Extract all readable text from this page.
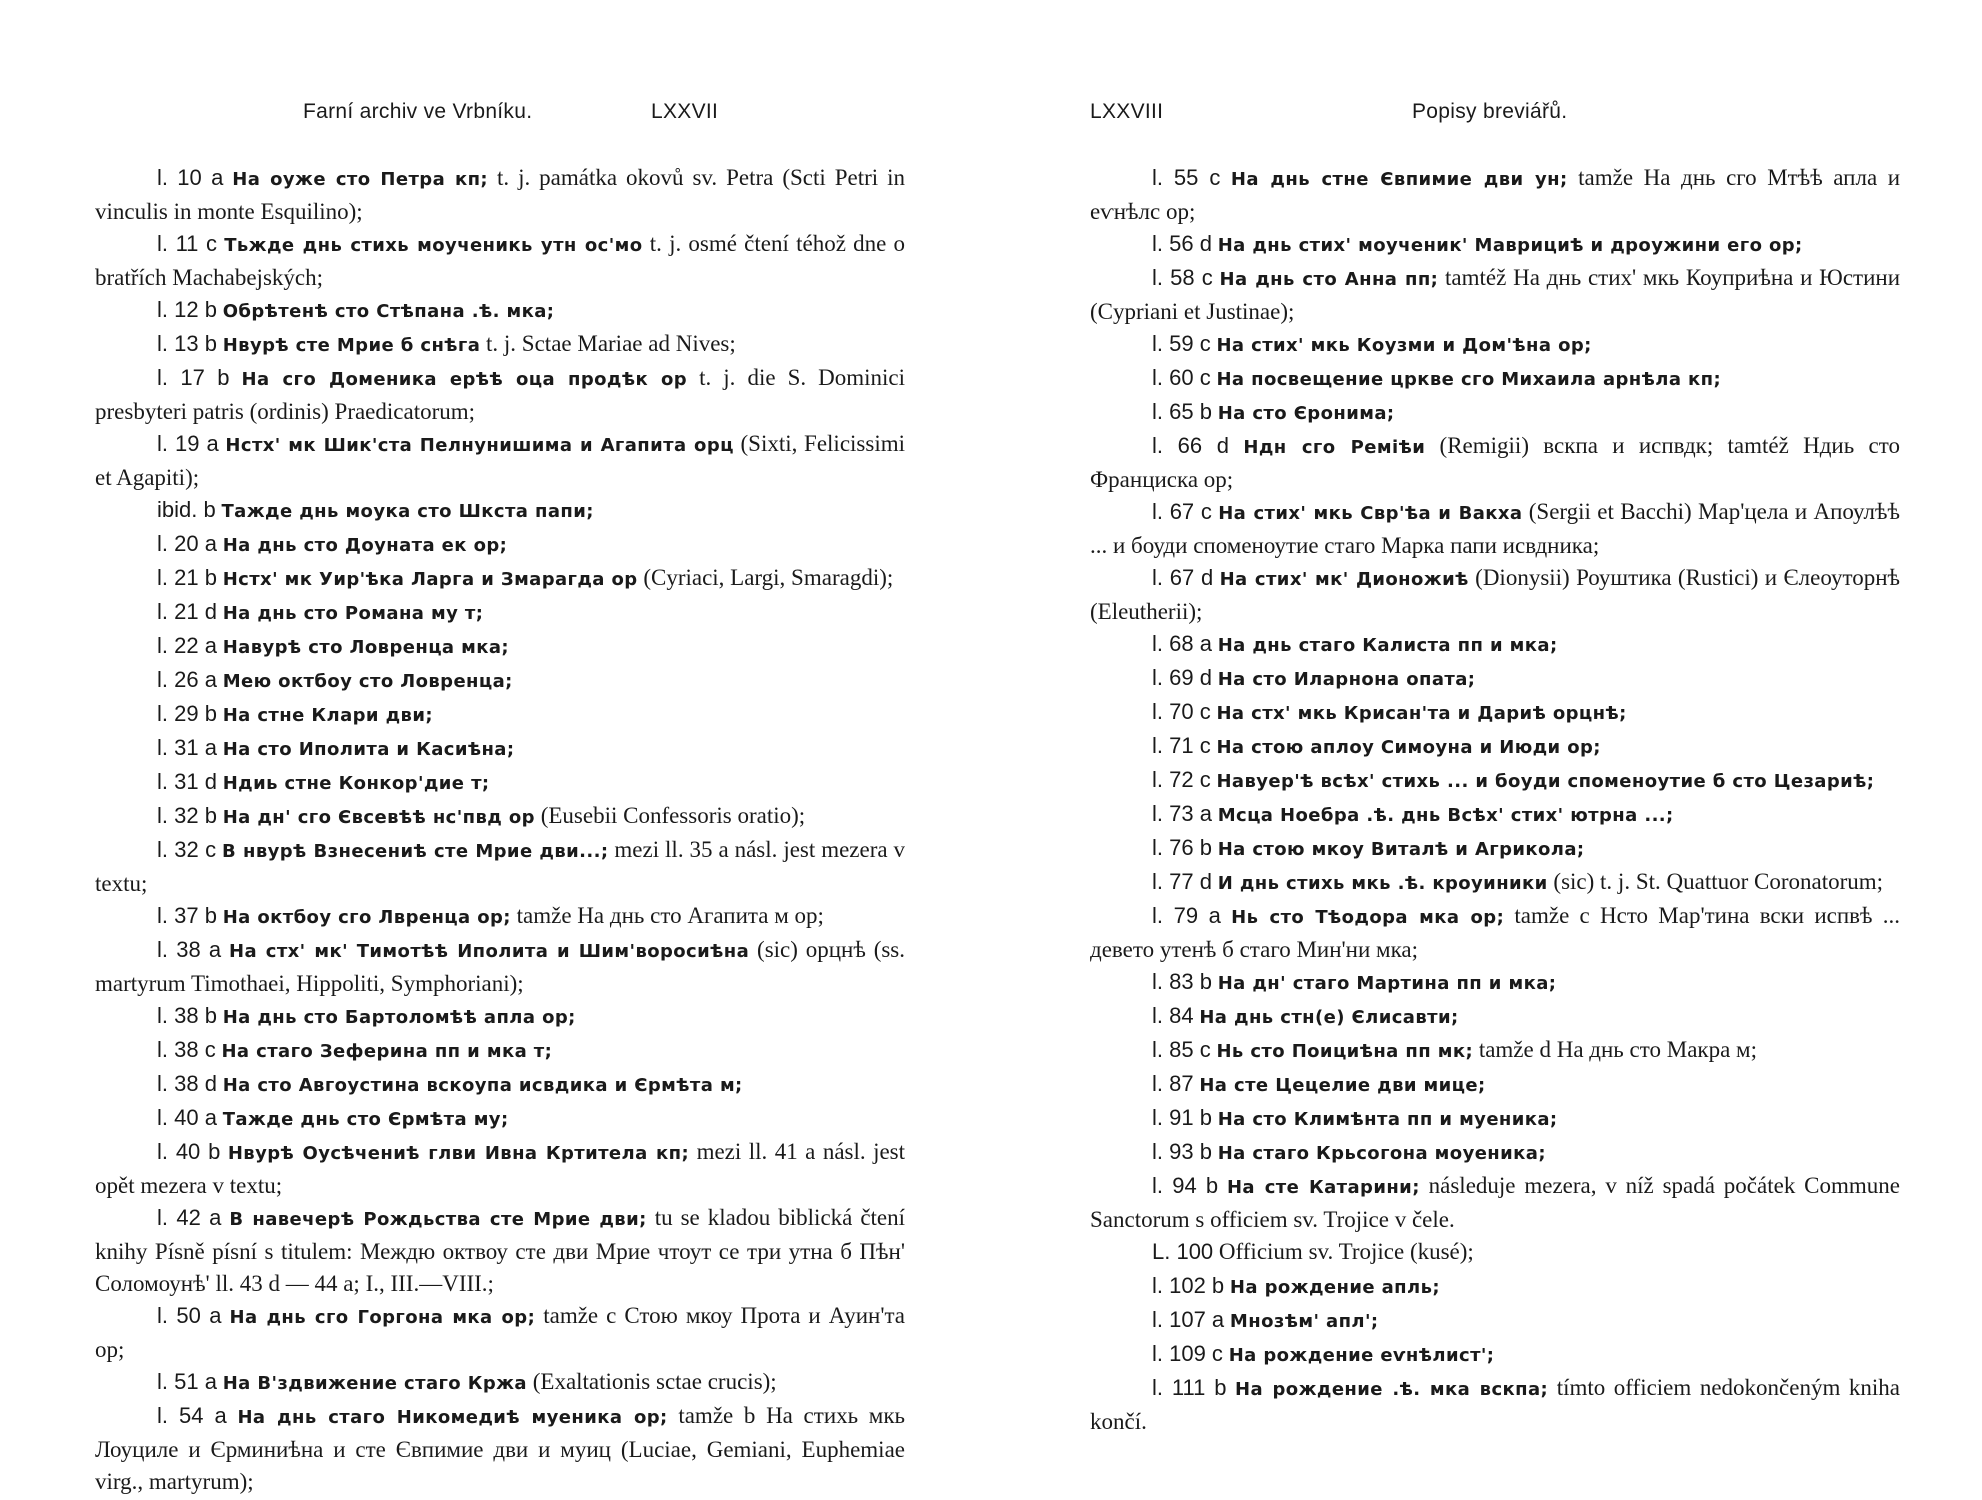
Farní archiv ve Vrbníku.	LXXVII

l. 10 a На оуже сто Петра кп; t. j. památka okovů sv. Petra (Scti Petri in vinculis in monte Esquilino);

l. 11 c Тьжде днь стихь моученикь утн ос'мо t. j. osmé čtení téhož dne o bratřích Machabejských;

l. 12 b Обрѣтенѣ сто Стѣпана .ѣ. мка;

l. 13 b Нвурѣ сте Мрие б снѣга t. j. Sctae Mariae ad Nives;

l. 17 b На сго Доменика ерѣѣ оца продѣк ор t. j. die S. Dominici presbyteri patris (ordinis) Praedicatorum;

l. 19 a Нстх' мк Шик'ста Пелнунишима и Агапита орц (Sixti, Felicissimi et Agapiti);

ibid. b Тажде днь моука сто Шкста папи;

l. 20 a На днь сто Доуната ек ор;

l. 21 b Нстх' мк Уир'ѣка Ларга и Змарагда ор (Cyriaci, Largi, Smaragdi);

l. 21 d На днь сто Романа му т;

l. 22 a Навурѣ сто Ловренца мка;

l. 26 a Мею октбоу сто Ловренца;

l. 29 b На стне Клари дви;

l. 31 a На сто Иполита и Касиѣна;

l. 31 d Ндиь стне Конкор'дие т;

l. 32 b На дн' сго Євсевѣѣ нс'пвд ор (Eusebii Confessoris oratio);

l. 32 c В нвурѣ Взнесениѣ сте Мрие дви...; mezi ll. 35 a násl. jest mezera v textu;

l. 37 b На октбоу сго Лвренца ор; tamže На днь сто Агапита м ор;

l. 38 a На стх' мк' Тимотѣѣ Иполита и Шим'воросиѣна (sic) орцнѣ (ss. martyrum Timothaei, Hippoliti, Symphoriani);

l. 38 b На днь сто Бартоломѣѣ апла ор;

l. 38 c На стаго Зеферина пп и мка т;

l. 38 d На сто Авгоустина вскоупа исвдика и Єрмѣта м;

l. 40 a Тажде днь сто Єрмѣта му;

l. 40 b Нвурѣ Оусѣчениѣ глви Ивна Кртитела кп; mezi ll. 41 a násl. jest opět mezera v textu;

l. 42 a В навечерѣ Рождьства сте Мрие дви; tu se kladou biblická čtení knihy Písně písní s titulem: Междю октвоу сте дви Мрие чтоут се три утна б Пѣн' Соломоунѣ' ll. 43 d — 44 a; I., III.—VIII.;

l. 50 a На днь сго Горгона мка ор; tamže c Стою мкоу Прота и Ауин'та ор;

l. 51 a На В'здвижение стаго Кржа (Exaltationis sctae crucis);

l. 54 a На днь стаго Никомедиѣ муеника ор; tamže b На стихь мкь Лоуциле и Єрминиѣна и сте Євпимие дви и муиц (Luciae, Gemiani, Euphemiae virg., martyrum);

LXXVIII	Popisy breviářů.

l. 55 c На днь стне Євпимие дви ун; tamže На днь сго Мтѣѣ апла и еѵнѣлс ор;

l. 56 d На днь стих' моученик' Маврициѣ и дроужини его ор;

l. 58 c На днь сто Анна пп; tamtéž На днь стих' мкь Коуприѣна и Юстини (Cypriani et Justinae);

l. 59 c На стих' мкь Коузми и Дом'ѣна ор;

l. 60 c На посвещение цркве сго Михаила арнѣла кп;

l. 65 b На сто Єронима;

l. 66 d Ндн сго Реміѣи (Remigii) вскпа и испвдк; tamtéž Ндиь сто Франциска ор;

l. 67 c На стих' мкь Свр'ѣа и Вакха (Sergii et Bacchi) Мар'цела и Апоулѣѣ ... и боуди споменоутие стаго Марка папи исвдника;

l. 67 d На стих' мк' Дионожиѣ (Dionysii) Роуштика (Rustici) и Єлеоуторнѣ (Eleutherii);

l. 68 a На днь стаго Калиста пп и мка;

l. 69 d На сто Иларнона опата;

l. 70 c На стх' мкь Крисан'та и Дариѣ орцнѣ;

l. 71 c На стою аплоу Симоуна и Июди ор;

l. 72 c Навуер'ѣ всѣх' стихь ... и боуди споменоутие б сто Цезариѣ;

l. 73 a Мсца Ноебра .ѣ. днь Всѣх' стих' ютрна ...;

l. 76 b На стою мкоу Виталѣ и Агрикола;

l. 77 d И днь стихь мкь .ѣ. кроуиники (sic) t. j. St. Quattuor Coronatorum;

l. 79 a Нь сто Тѣодора мка ор; tamže c Нсто Мар'тина вски испвѣ ... девето утенѣ б стаго Мин'ни мка;

l. 83 b На дн' стаго Мартина пп и мка;

l. 84 На днь стн(е) Єлисавти;

l. 85 c Нь сто Поициѣна пп мк; tamže d На днь сто Макра м;

l. 87 На сте Цецелие дви мице;

l. 91 b На сто Климѣнта пп и муеника;

l. 93 b На стаго Крьсогона моуеника;

l. 94 b На сте Катарини; následuje mezera, v níž spadá počátek Commune Sanctorum s officiem sv. Trojice v čele.

L. 100 Officium sv. Trojice (kusé);

l. 102 b На рождение апль;

l. 107 a Мнозѣм' апл';

l. 109 c На рождение еѵнѣлист';

l. 111 b На рождение .ѣ. мка вскпа; tímto officiem nedokončeným kniha končí.
